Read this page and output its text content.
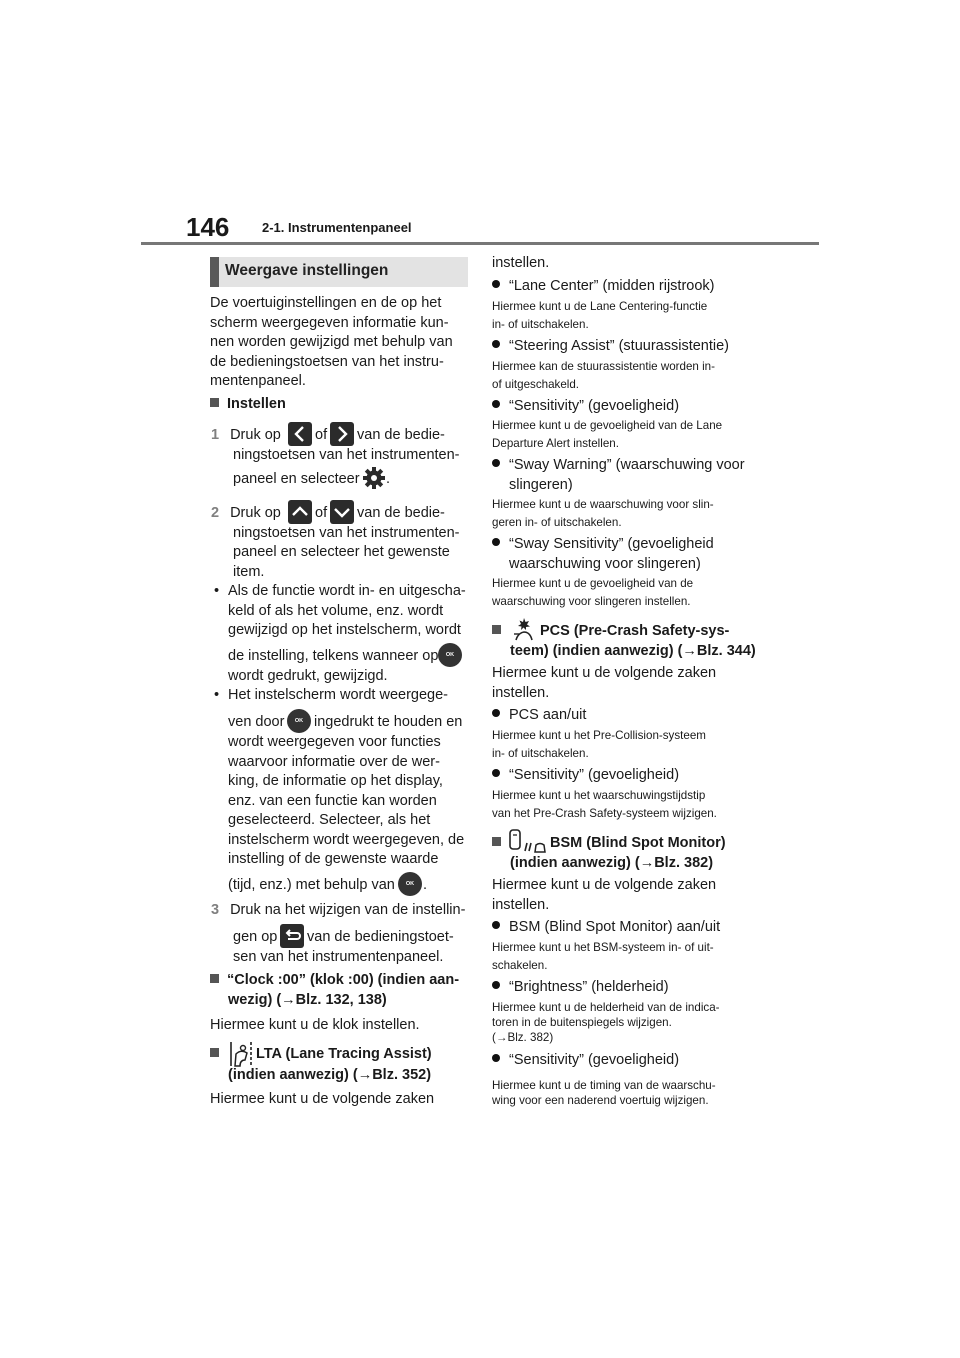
146	2-1. Instrumentenpaneel
Weergave instellingen
De voertuiginstellingen en de op het
scherm weergegeven informatie kun-
nen worden gewijzigd met behulp van
de bedieningstoetsen van het instru-
mentenpaneel.
Instellen
1 Druk op of van de bedie-
ningstoetsen van het instrumenten-
paneel en selecteer .
2 Druk op of van de bedie-
ningstoetsen van het instrumenten-
paneel en selecteer het gewenste
item.
• Als de functie wordt in- en uitgescha-
keld of als het volume, enz. wordt
gewijzigd op het instelscherm, wordt
de instelling, telkens wanneer op	OK
wordt gedrukt, gewijzigd.
• Het instelscherm wordt weergege-
ven door	OK ingedrukt te houden en
wordt weergegeven voor functies
waarvoor informatie over de wer-
king, de informatie op het display,
enz. van een functie kan worden
geselecteerd. Selecteer, als het
instelscherm wordt weergegeven, de
instelling of de gewenste waarde
(tijd, enz.) met behulp van	OK .
3 Druk na het wijzigen van de instellin-
gen op van de bedieningstoet-
sen van het instrumentenpaneel.
“Clock :00” (klok :00) (indien aan-
wezig) (→Blz. 132, 138)
Hiermee kunt u de klok instellen.
LTA (Lane Tracing Assist)
(indien aanwezig) (→Blz. 352)
Hiermee kunt u de volgende zaken
instellen.
“Lane Center” (midden rijstrook)
Hiermee kunt u de Lane Centering-functie
in- of uitschakelen.
“Steering Assist” (stuurassistentie)
Hiermee kan de stuurassistentie worden in-
of uitgeschakeld.
“Sensitivity” (gevoeligheid)
Hiermee kunt u de gevoeligheid van de Lane
Departure Alert instellen.
“Sway Warning” (waarschuwing voor
slingeren)
Hiermee kunt u de waarschuwing voor slin-
geren in- of uitschakelen.
“Sway Sensitivity” (gevoeligheid
waarschuwing voor slingeren)
Hiermee kunt u de gevoeligheid van de
waarschuwing voor slingeren instellen.
PCS (Pre-Crash Safety-sys-
teem) (indien aanwezig) (→Blz. 344)
Hiermee kunt u de volgende zaken
instellen.
PCS aan/uit
Hiermee kunt u het Pre-Collision-systeem
in- of uitschakelen.
“Sensitivity” (gevoeligheid)
Hiermee kunt u het waarschuwingstijdstip
van het Pre-Crash Safety-systeem wijzigen.
BSM (Blind Spot Monitor)
(indien aanwezig) (→Blz. 382)
Hiermee kunt u de volgende zaken
instellen.
BSM (Blind Spot Monitor) aan/uit
Hiermee kunt u het BSM-systeem in- of uit-
schakelen.
“Brightness” (helderheid)
Hiermee kunt u de helderheid van de indica-
toren in de buitenspiegels wijzigen.
(→Blz. 382)
“Sensitivity” (gevoeligheid)
Hiermee kunt u de timing van de waarschu-
wing voor een naderend voertuig wijzigen.
